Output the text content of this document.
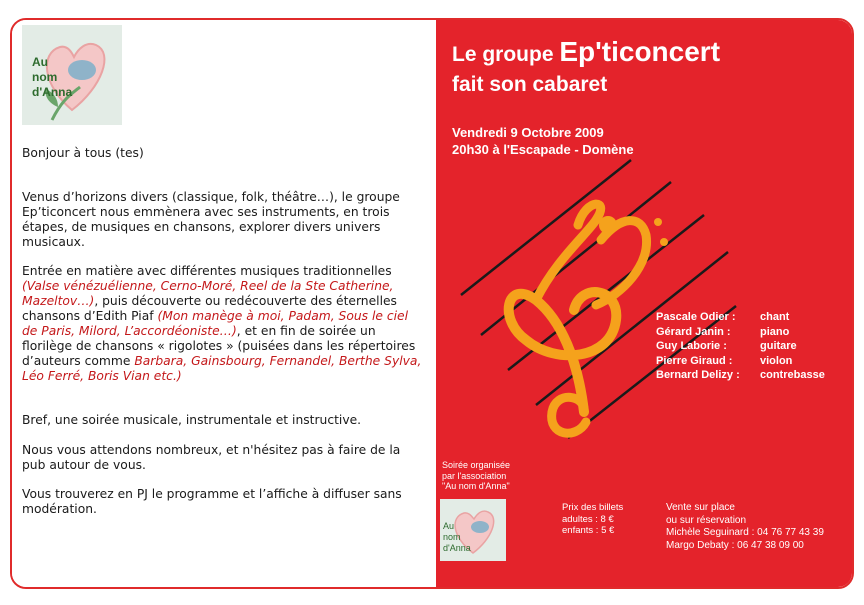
Au
nom
d'Anna
Bonjour à tous (tes)
Venus d’horizons divers (classique, folk, théâtre…), le groupe Ep’ticoncert nous emmènera avec ses instruments, en trois étapes, de musiques en chansons, explorer divers univers musicaux.
Entrée en matière avec différentes musiques traditionnelles (Valse vénézuélienne, Cerno-Moré, Reel de la Ste Catherine, Mazeltov…), puis découverte ou redécouverte des éternelles chansons d’Edith Piaf (Mon manège à moi, Padam, Sous le ciel de Paris, Milord, L’accordéoniste…), et en fin de soirée un florilège de chansons « rigolotes » (puisées dans les répertoires d’auteurs comme Barbara, Gainsbourg, Fernandel, Berthe Sylva, Léo Ferré, Boris Vian etc.)
Bref, une soirée musicale, instrumentale et instructive.
Nous vous attendons nombreux, et n'hésitez pas à faire de la pub autour de vous.
Vous trouverez en PJ le programme et l’affiche à diffuser sans modération.
Le groupe Ep'ticoncert
fait son cabaret
Vendredi 9 Octobre 2009
20h30 à l'Escapade - Domène
Pascale Odier : chant
Gérard Janin :	piano
Guy Laborie :	guitare
Pierre Giraud :	violon
Bernard Delizy : contrebasse
Soirée organisée
par l'association
"Au nom d'Anna"
Au
nom
d'Anna
Prix des billets
adultes : 8 €
enfants : 5 €
Vente sur place
ou sur réservation
Michèle Seguinard : 04 76 77 43 39
Margo Debaty : 06 47 38 09 00
